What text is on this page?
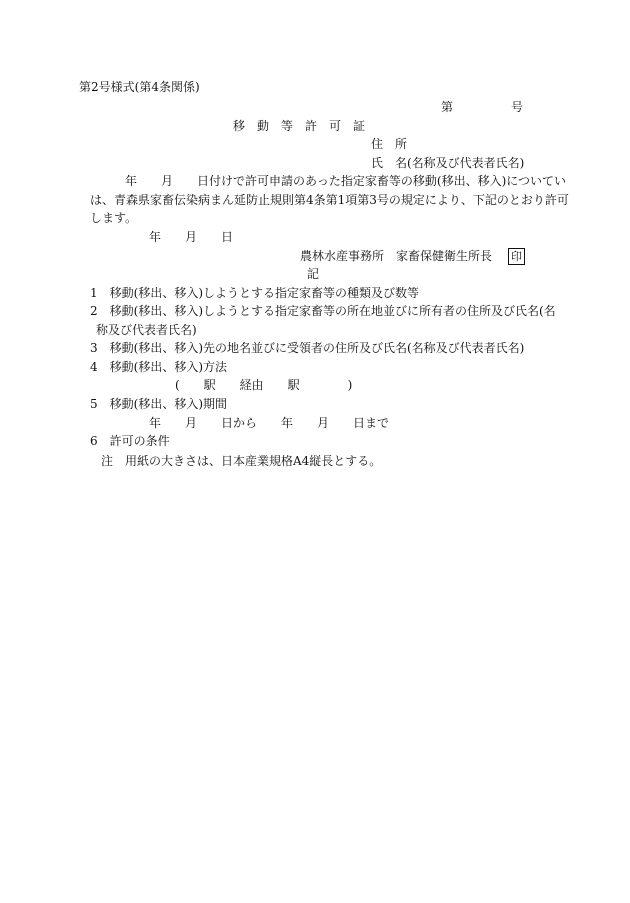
第2号様式(第4条関係)
第	号
移　動　等　許　可　証
住　所
氏　名(名称及び代表者氏名)
　　年　　月　　日付けで許可申請のあった指定家畜等の移動(移出、移入)についてい
は、青森県家畜伝染病まん延防止規則第4条第1項第3号の規定により、下記のとおり許可
します。
年　　月　　日
農林水産事務所　家畜保健衛生所長 印
記
1　移動(移出、移入)しようとする指定家畜等の種類及び数等
2　移動(移出、移入)しようとする指定家畜等の所在地並びに所有者の住所及び氏名(名
称及び代表者氏名)
3　移動(移出、移入)先の地名並びに受領者の住所及び氏名(名称及び代表者氏名)
4　移動(移出、移入)方法
(　　駅　　経由　　駅　　　　)
5　移動(移出、移入)期間
年　　月　　日から　　年　　月　　日まで
6　許可の条件
注　用紙の大きさは、日本産業規格A4縦長とする。
